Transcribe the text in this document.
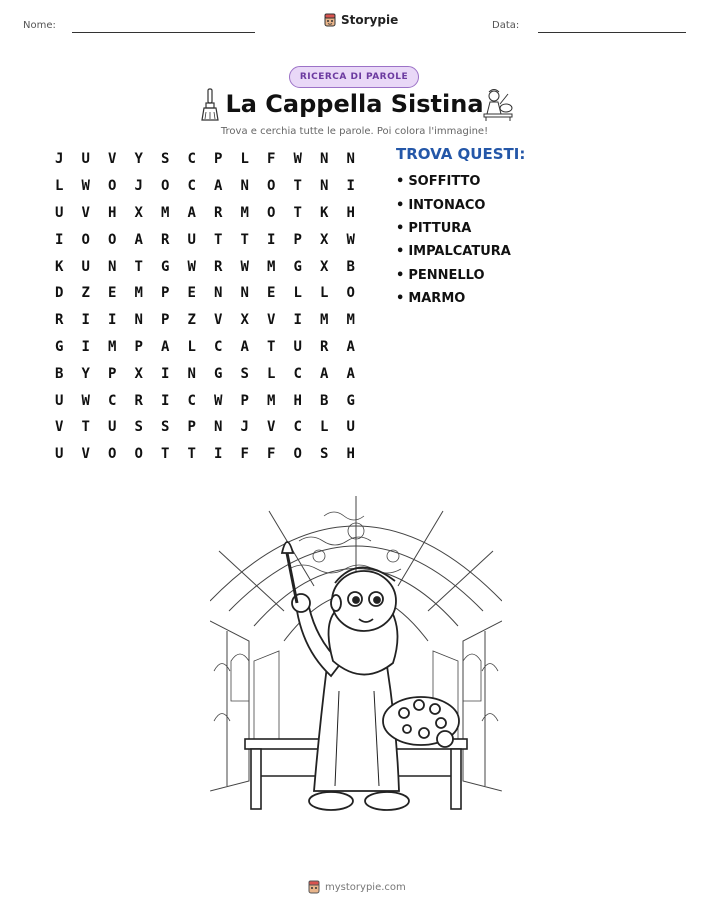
Nome:	Storypie	Data:
RICERCA DI PAROLE
La Cappella Sistina
Trova e cerchia tutte le parole. Poi colora l'immagine!
J	U	V	Y	S	C	P	L	F	W	N	N
L	W	O	J	O	C	A	N	O	T	N	I
U	V	H	X	M	A	R	M	O	T	K	H
I	O	O	A	R	U	T	T	I	P	X	W
K	U	N	T	G	W	R	W	M	G	X	B
D	Z	E	M	P	E	N	N	E	L	L	O
R	I	I	N	P	Z	V	X	V	I	M	M
G	I	M	P	A	L	C	A	T	U	R	A
B	Y	P	X	I	N	G	S	L	C	A	A
U	W	C	R	I	C	W	P	M	H	B	G
V	T	U	S	S	P	N	J	V	C	L	U
U	V	O	O	T	T	I	F	F	O	S	H
TROVA QUESTI:
• SOFFITTO
• INTONACO
• PITTURA
• IMPALCATURA
• PENNELLO
• MARMO
mystorypie.com
